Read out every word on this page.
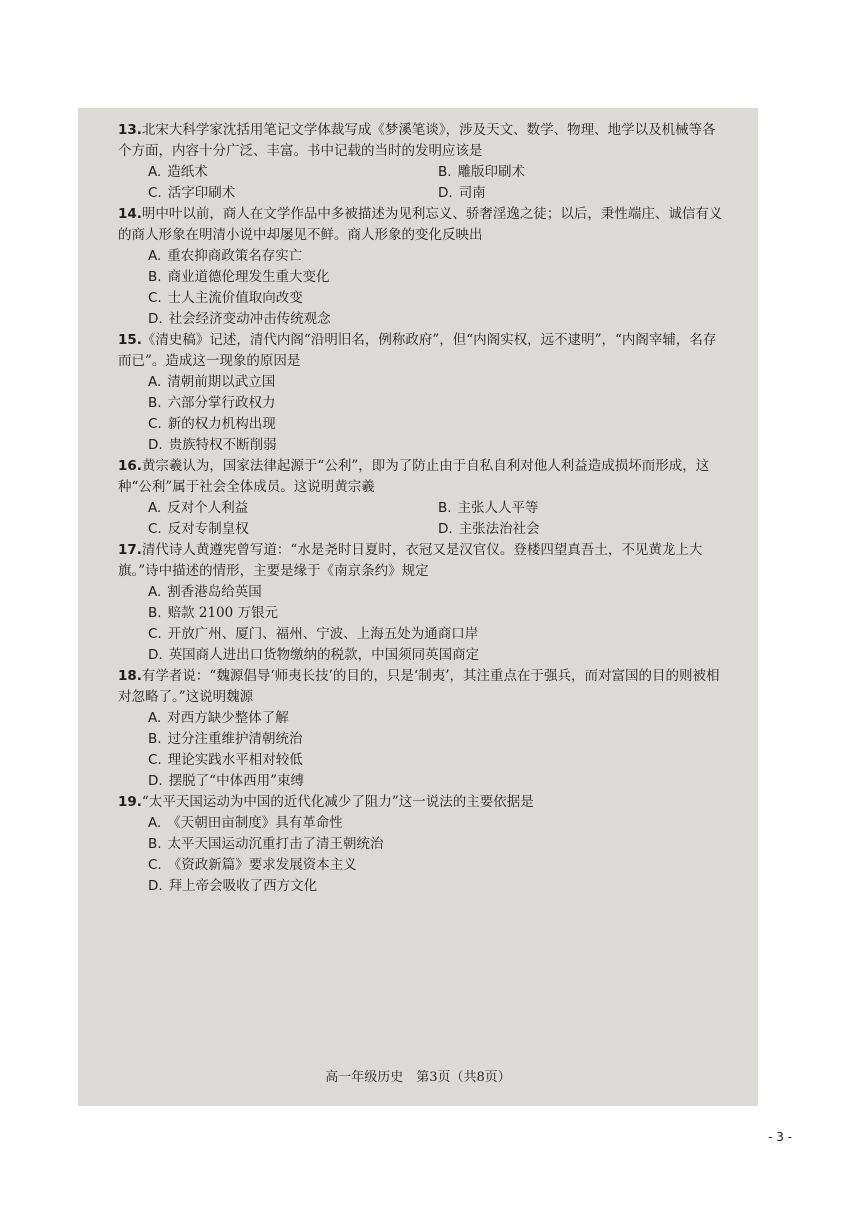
13.北宋大科学家沈括用笔记文学体裁写成《梦溪笔谈》，涉及天文、数学、物理、地学以及机械等各个方面，内容十分广泛、丰富。书中记载的当时的发明应该是
A. 造纸术	B. 雕版印刷术
C. 活字印刷术	D. 司南
14.明中叶以前，商人在文学作品中多被描述为见利忘义、骄奢淫逸之徒；以后，秉性端庄、诚信有义的商人形象在明清小说中却屡见不鲜。商人形象的变化反映出
A. 重农抑商政策名存实亡
B. 商业道德伦理发生重大变化
C. 士人主流价值取向改变
D. 社会经济变动冲击传统观念
15.《清史稿》记述，清代内阁“沿明旧名，例称政府”，但“内阁实权，远不逮明”，“内阁宰辅，名存而已”。造成这一现象的原因是
A. 清朝前期以武立国
B. 六部分掌行政权力
C. 新的权力机构出现
D. 贵族特权不断削弱
16.黄宗羲认为，国家法律起源于“公利”，即为了防止由于自私自利对他人利益造成损坏而形成，这种“公利”属于社会全体成员。这说明黄宗羲
A. 反对个人利益	B. 主张人人平等
C. 反对专制皇权	D. 主张法治社会
17.清代诗人黄遵宪曾写道：“水是尧时日夏时，衣冠又是汉官仪。登楼四望真吾土，不见黄龙上大旗。”诗中描述的情形，主要是缘于《南京条约》规定
A. 割香港岛给英国
B. 赔款 2100 万银元
C. 开放广州、厦门、福州、宁波、上海五处为通商口岸
D. 英国商人进出口货物缴纳的税款，中国须同英国商定
18.有学者说：“魏源倡导‘师夷长技’的目的，只是‘制夷’，其注重点在于强兵，而对富国的目的则被相对忽略了。”这说明魏源
A. 对西方缺少整体了解
B. 过分注重维护清朝统治
C. 理论实践水平相对较低
D. 摆脱了“中体西用”束缚
19.“太平天国运动为中国的近代化减少了阻力”这一说法的主要依据是
A. 《天朝田亩制度》具有革命性
B. 太平天国运动沉重打击了清王朝统治
C. 《资政新篇》要求发展资本主义
D. 拜上帝会吸收了西方文化
高一年级历史　第3页（共8页）
- 3 -
